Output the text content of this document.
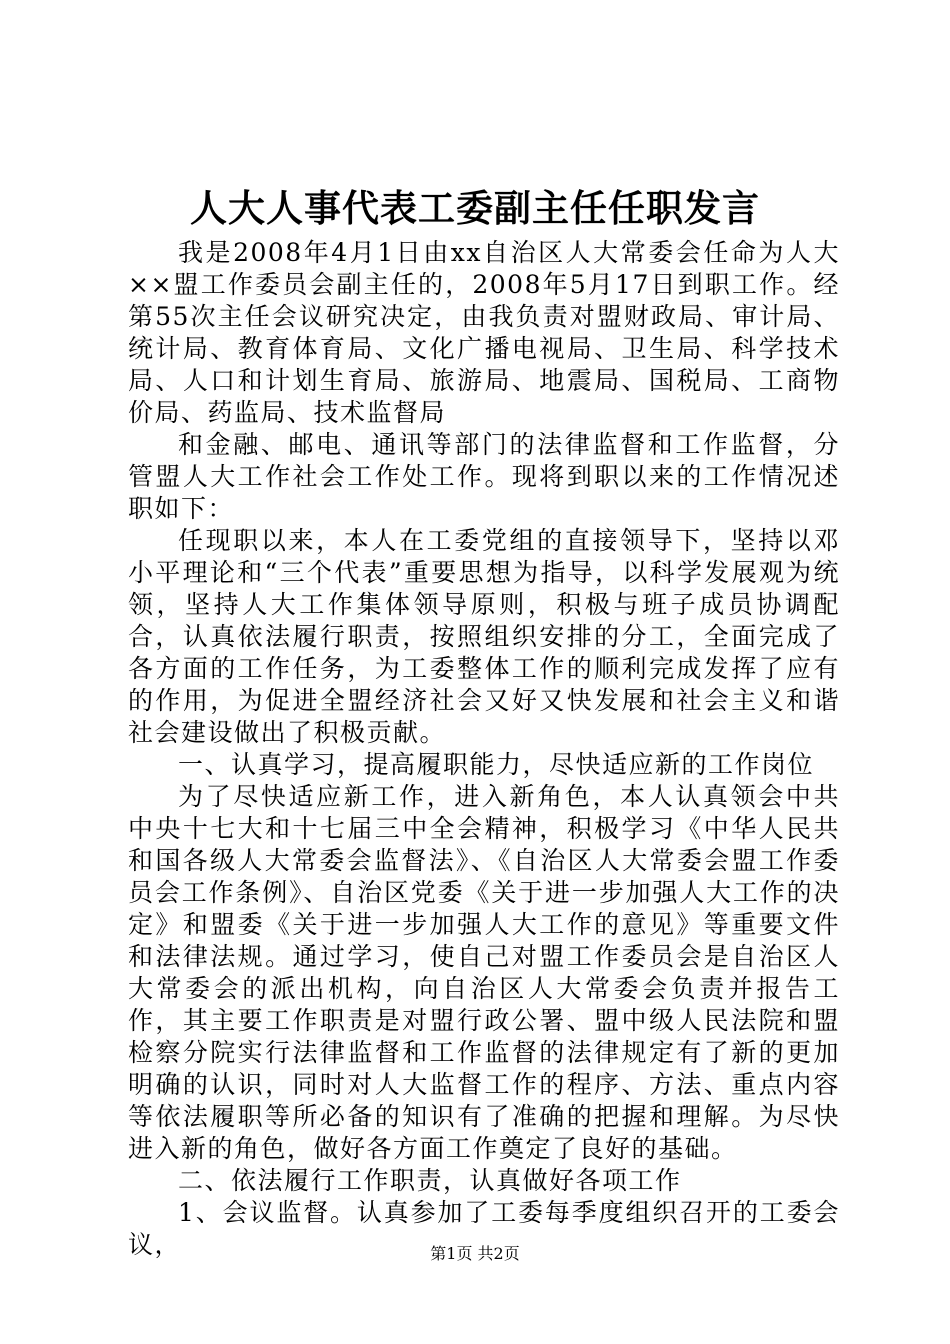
人大人事代表工委副主任任职发言

我是2008年4月1日由xx自治区人大常委会任命为人大××盟工作委员会副主任的，2008年5月17日到职工作。经第55次主任会议研究决定，由我负责对盟财政局、审计局、统计局、教育体育局、文化广播电视局、卫生局、科学技术局、人口和计划生育局、旅游局、地震局、国税局、工商物价局、药监局、技术监督局

和金融、邮电、通讯等部门的法律监督和工作监督，分管盟人大工作社会工作处工作。现将到职以来的工作情况述职如下：

任现职以来，本人在工委党组的直接领导下，坚持以邓小平理论和“三个代表”重要思想为指导，以科学发展观为统领，坚持人大工作集体领导原则，积极与班子成员协调配合，认真依法履行职责，按照组织安排的分工，全面完成了各方面的工作任务，为工委整体工作的顺利完成发挥了应有的作用，为促进全盟经济社会又好又快发展和社会主义和谐社会建设做出了积极贡献。

一、认真学习，提高履职能力，尽快适应新的工作岗位

为了尽快适应新工作，进入新角色，本人认真领会中共中央十七大和十七届三中全会精神，积极学习《中华人民共和国各级人大常委会监督法》、《自治区人大常委会盟工作委员会工作条例》、自治区党委《关于进一步加强人大工作的决定》和盟委《关于进一步加强人大工作的意见》等重要文件和法律法规。通过学习，使自己对盟工作委员会是自治区人大常委会的派出机构，向自治区人大常委会负责并报告工作，其主要工作职责是对盟行政公署、盟中级人民法院和盟检察分院实行法律监督和工作监督的法律规定有了新的更加明确的认识，同时对人大监督工作的程序、方法、重点内容等依法履职等所必备的知识有了准确的把握和理解。为尽快进入新的角色，做好各方面工作奠定了良好的基础。

二、依法履行工作职责，认真做好各项工作

1、会议监督。认真参加了工委每季度组织召开的工委会议，	第1页 共2页
